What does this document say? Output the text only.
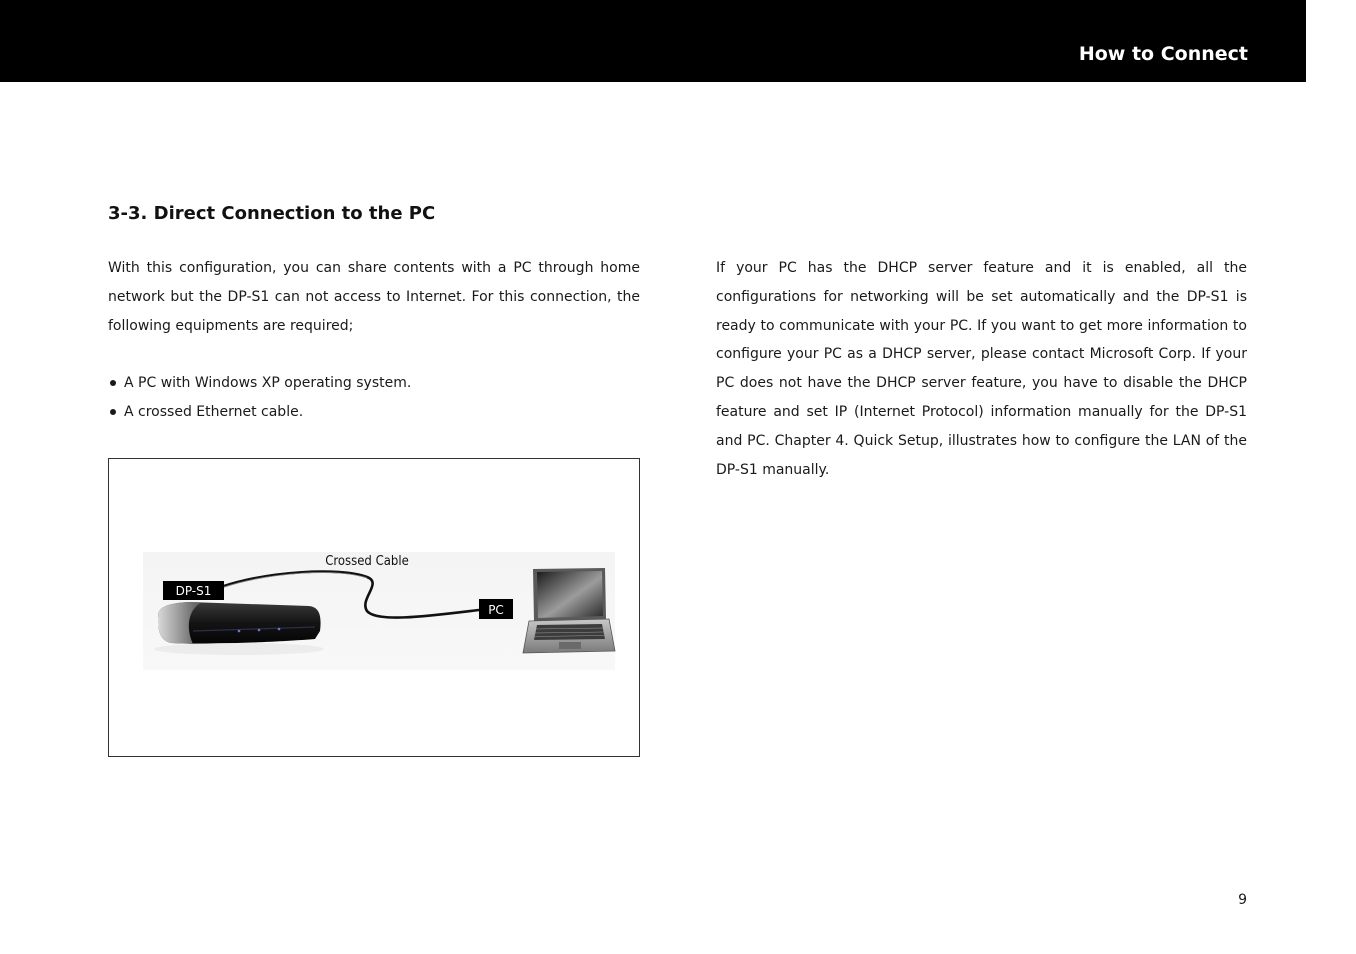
How to Connect
3-3. Direct Connection to the PC

With this configuration, you can share contents with a PC through home network but the DP-S1 can not access to Internet. For this connection, the following equipments are required;

A PC with Windows XP operating system.
A crossed Ethernet cable.
DP-S1
Crossed Cable
PC

If your PC has the DHCP server feature and it is enabled, all the configurations for networking will be set automatically and the DP-S1 is ready to communicate with your PC. If you want to get more information to configure your PC as a DHCP server, please contact Microsoft Corp. If your PC does not have the DHCP server feature, you have to disable the DHCP feature and set IP (Internet Protocol) information manually for the DP-S1 and PC. Chapter 4. Quick Setup, illustrates how to configure the LAN of the DP-S1 manually.

9
